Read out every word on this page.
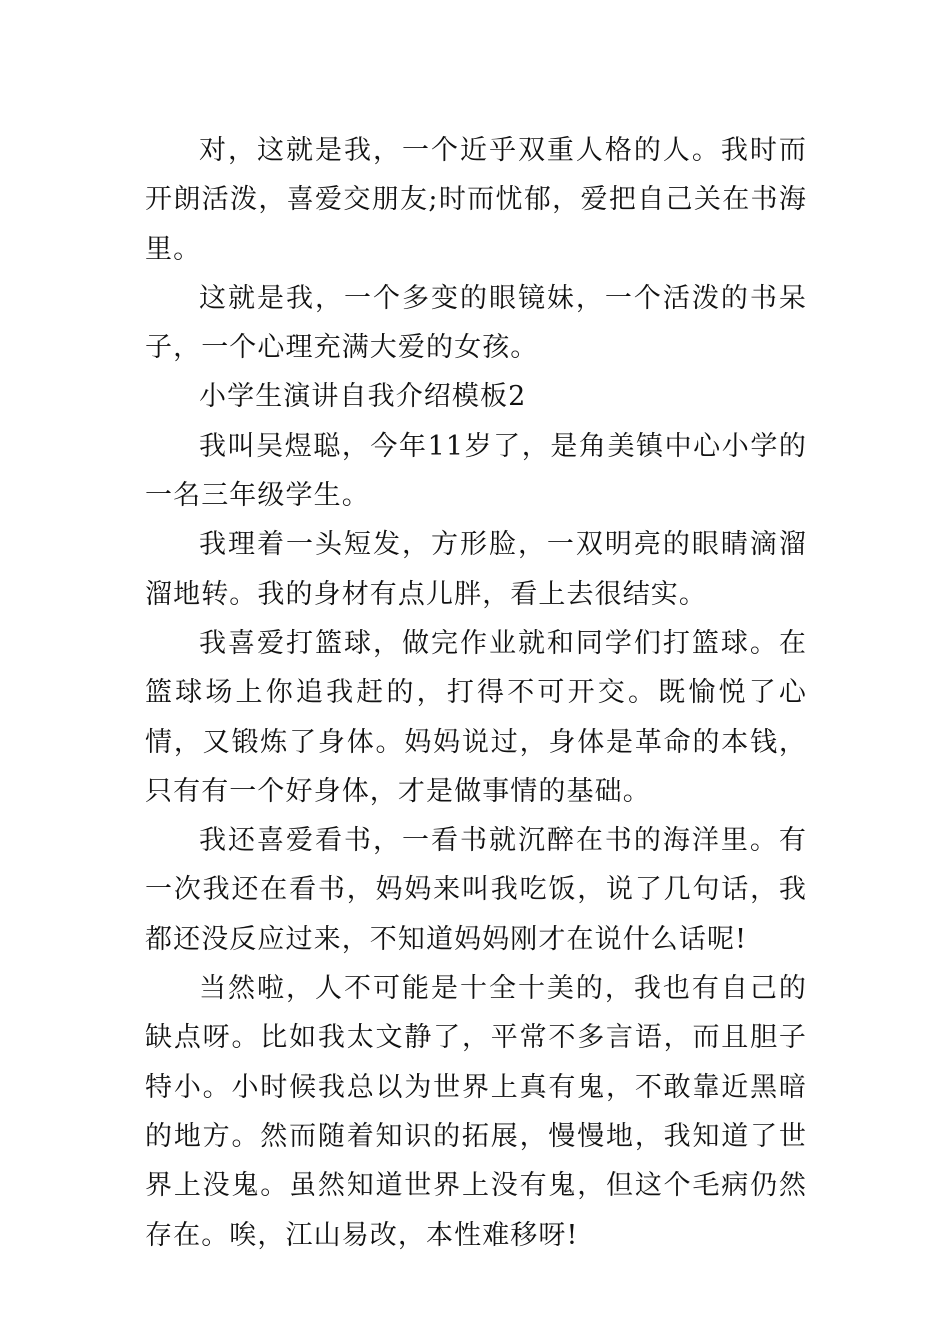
对，这就是我，一个近乎双重人格的人。我时而开朗活泼，喜爱交朋友;时而忧郁，爱把自己关在书海里。

这就是我，一个多变的眼镜妹，一个活泼的书呆子，一个心理充满大爱的女孩。

小学生演讲自我介绍模板2

我叫吴煜聪，今年11岁了，是角美镇中心小学的一名三年级学生。

我理着一头短发，方形脸，一双明亮的眼睛滴溜溜地转。我的身材有点儿胖，看上去很结实。

我喜爱打篮球，做完作业就和同学们打篮球。在篮球场上你追我赶的，打得不可开交。既愉悦了心情，又锻炼了身体。妈妈说过，身体是革命的本钱，只有有一个好身体，才是做事情的基础。

我还喜爱看书，一看书就沉醉在书的海洋里。有一次我还在看书，妈妈来叫我吃饭，说了几句话，我都还没反应过来，不知道妈妈刚才在说什么话呢!

当然啦，人不可能是十全十美的，我也有自己的缺点呀。比如我太文静了，平常不多言语，而且胆子特小。小时候我总以为世界上真有鬼，不敢靠近黑暗的地方。然而随着知识的拓展，慢慢地，我知道了世界上没鬼。虽然知道世界上没有鬼，但这个毛病仍然存在。唉，江山易改，本性难移呀!
